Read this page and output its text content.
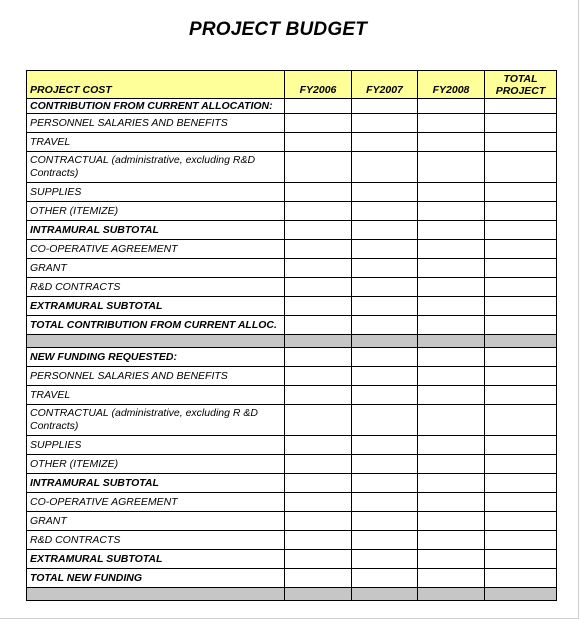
PROJECT BUDGET
PROJECT COST	FY2006	FY2007	FY2008	TOTAL
PROJECT
CONTRIBUTION FROM CURRENT ALLOCATION:				
PERSONNEL SALARIES AND BENEFITS				
TRAVEL				
CONTRACTUAL (administrative, excluding R&D Contracts)				
SUPPLIES				
OTHER (ITEMIZE)				
INTRAMURAL SUBTOTAL				
CO-OPERATIVE AGREEMENT				
GRANT				
R&D CONTRACTS				
EXTRAMURAL SUBTOTAL				
TOTAL CONTRIBUTION FROM CURRENT ALLOC.				

NEW FUNDING REQUESTED:				
PERSONNEL SALARIES AND BENEFITS				
TRAVEL				
CONTRACTUAL (administrative, excluding R &D Contracts)				
SUPPLIES				
OTHER (ITEMIZE)				
INTRAMURAL SUBTOTAL				
CO-OPERATIVE AGREEMENT				
GRANT				
R&D CONTRACTS				
EXTRAMURAL SUBTOTAL				
TOTAL NEW FUNDING				
